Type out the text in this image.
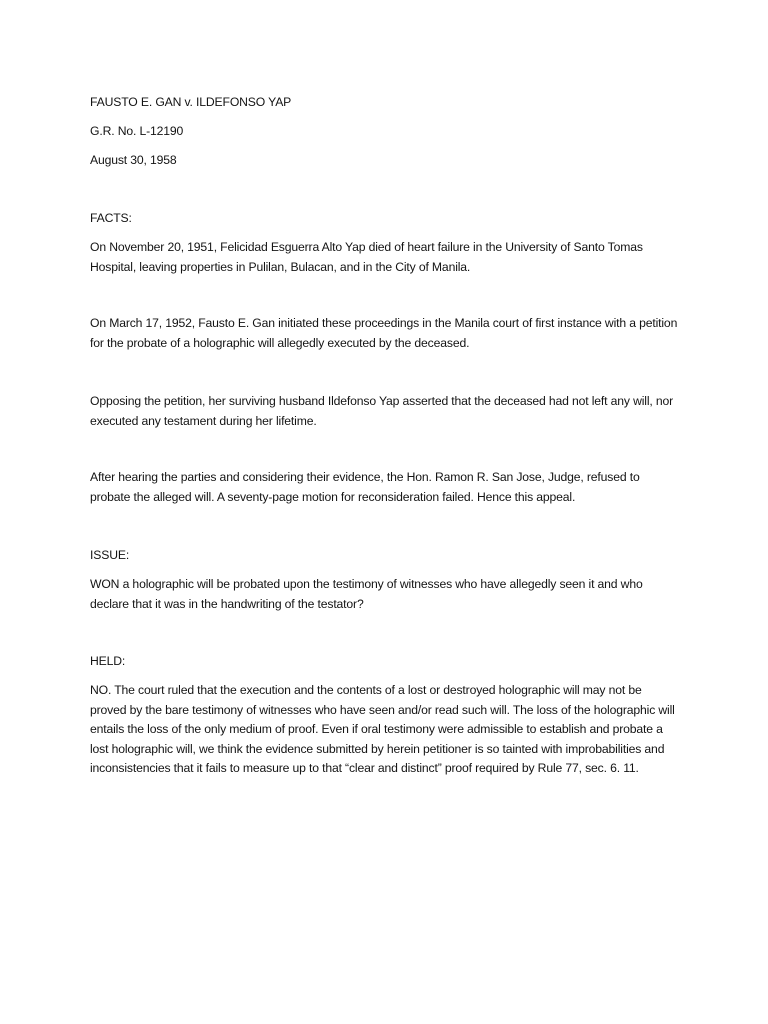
FAUSTO E. GAN v. ILDEFONSO YAP

G.R. No. L-12190

August 30, 1958

FACTS:

On November 20, 1951, Felicidad Esguerra Alto Yap died of heart failure in the University of Santo Tomas Hospital, leaving properties in Pulilan, Bulacan, and in the City of Manila.

On March 17, 1952, Fausto E. Gan initiated these proceedings in the Manila court of first instance with a petition for the probate of a holographic will allegedly executed by the deceased.

Opposing the petition, her surviving husband Ildefonso Yap asserted that the deceased had not left any will, nor executed any testament during her lifetime.

After hearing the parties and considering their evidence, the Hon. Ramon R. San Jose, Judge, refused to probate the alleged will. A seventy-page motion for reconsideration failed. Hence this appeal.

ISSUE:

WON a holographic will be probated upon the testimony of witnesses who have allegedly seen it and who declare that it was in the handwriting of the testator?

HELD:

NO. The court ruled that the execution and the contents of a lost or destroyed holographic will may not be proved by the bare testimony of witnesses who have seen and/or read such will. The loss of the holographic will entails the loss of the only medium of proof. Even if oral testimony were admissible to establish and probate a lost holographic will, we think the evidence submitted by herein petitioner is so tainted with improbabilities and inconsistencies that it fails to measure up to that “clear and distinct” proof required by Rule 77, sec. 6. 11.
